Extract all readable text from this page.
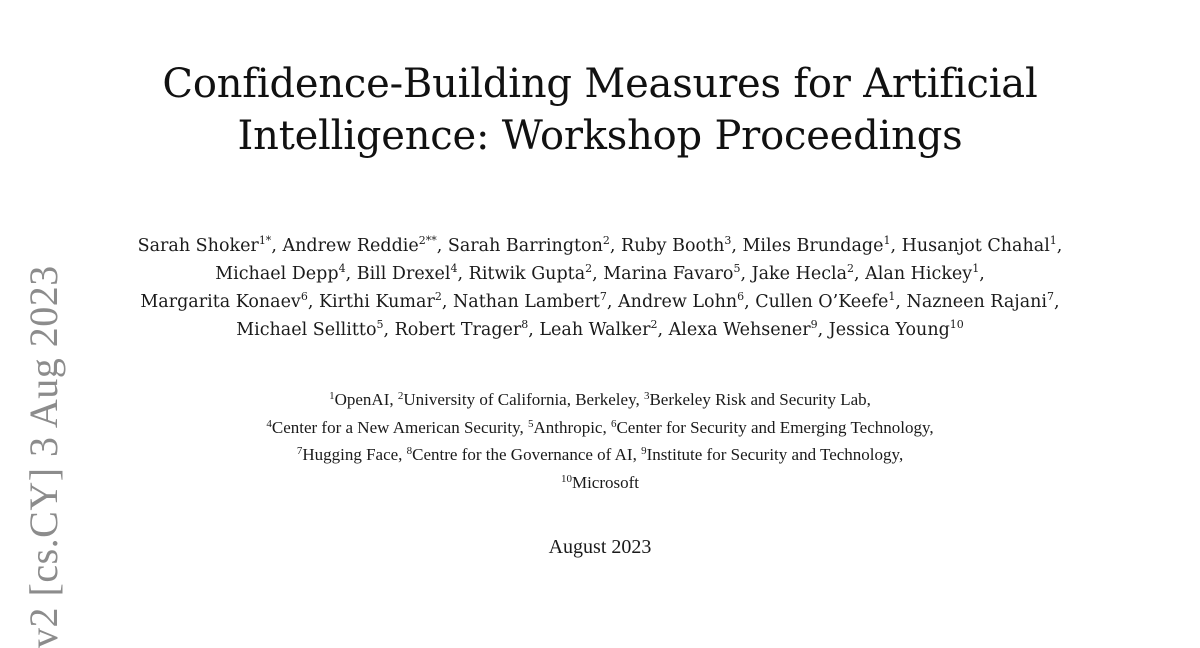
v2 [cs.CY] 3 Aug 2023
Confidence-Building Measures for Artificial
Intelligence: Workshop Proceedings
Sarah Shoker$^{1*}$, Andrew Reddie$^{2**}$, Sarah Barrington$^2$, Ruby Booth$^3$, Miles Brundage$^1$, Husanjot Chahal$^1$,
Michael Depp$^4$, Bill Drexel$^4$, Ritwik Gupta$^2$, Marina Favaro$^5$, Jake Hecla$^2$, Alan Hickey$^1$,
Margarita Konaev$^6$, Kirthi Kumar$^2$, Nathan Lambert$^7$, Andrew Lohn$^6$, Cullen O’Keefe$^1$, Nazneen Rajani$^7$,
Michael Sellitto$^5$, Robert Trager$^8$, Leah Walker$^2$, Alexa Wehsener$^9$, Jessica Young$^{10}$
$^1$OpenAI, $^2$University of California, Berkeley, $^3$Berkeley Risk and Security Lab,
$^4$Center for a New American Security, $^5$Anthropic, $^6$Center for Security and Emerging Technology,
$^7$Hugging Face, $^8$Centre for the Governance of AI, $^9$Institute for Security and Technology,
$^{10}$Microsoft
August 2023
